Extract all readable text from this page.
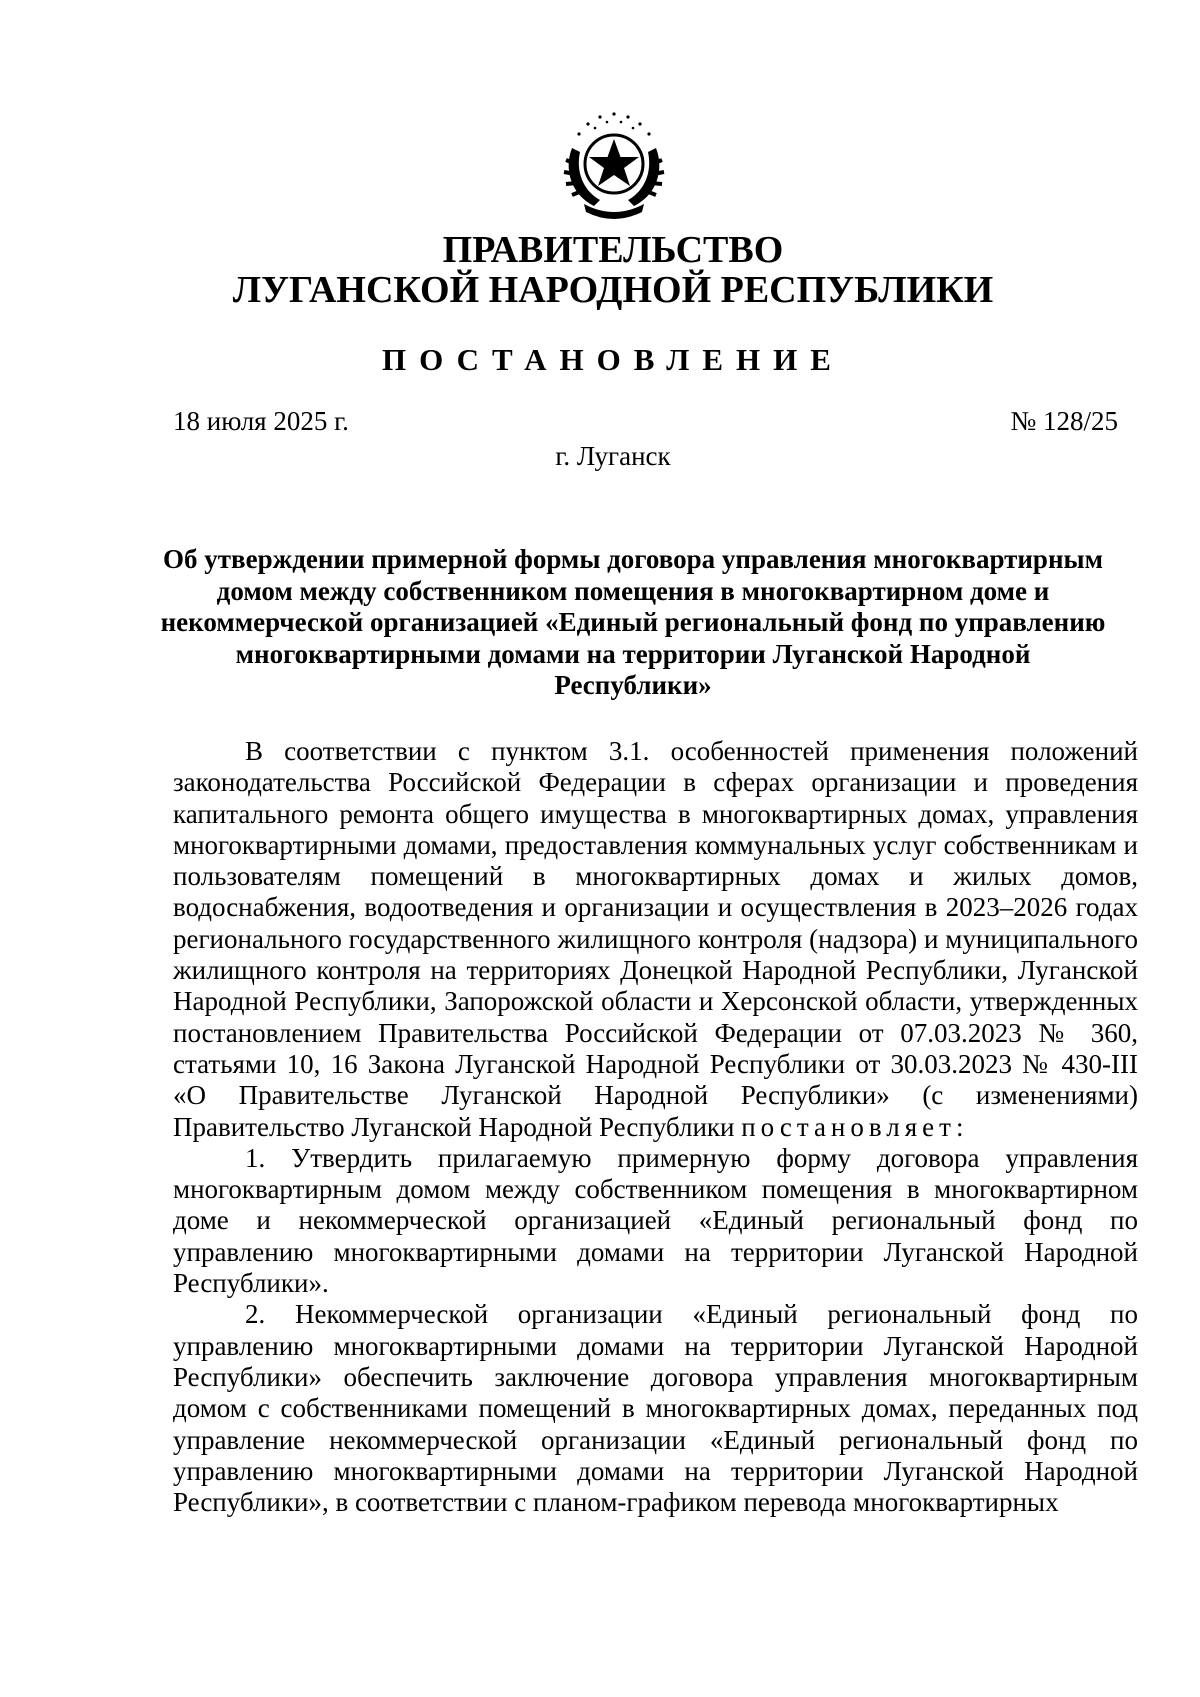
ПРАВИТЕЛЬСТВО
ЛУГАНСКОЙ НАРОДНОЙ РЕСПУБЛИКИ
ПОСТАНОВЛЕНИЕ
18 июля 2025 г.	№ 128/25
г. Луганск
Об утверждении примерной формы договора управления многоквартирным домом между собственником помещения в многоквартирном доме и некоммерческой организацией «Единый региональный фонд по управлению многоквартирными домами на территории Луганской Народной Республики»

В соответствии с пунктом 3.1. особенностей применения положений законодательства Российской Федерации в сферах организации и проведения капитального ремонта общего имущества в многоквартирных домах, управления многоквартирными домами, предоставления коммунальных услуг собственникам и пользователям помещений в многоквартирных домах и жилых домов, водоснабжения, водоотведения и организации и осуществления в 2023–2026 годах регионального государственного жилищного контроля (надзора) и муниципального жилищного контроля на территориях Донецкой Народной Республики, Луганской Народной Республики, Запорожской области и Херсонской области, утвержденных постановлением Правительства Российской Федерации от 07.03.2023 № 360, статьями 10, 16 Закона Луганской Народной Республики от 30.03.2023 № 430-III «О Правительстве Луганской Народной Республики» (с изменениями) Правительство Луганской Народной Республики постановляет:

1. Утвердить прилагаемую примерную форму договора управления многоквартирным домом между собственником помещения в многоквартирном доме и некоммерческой организацией «Единый региональный фонд по управлению многоквартирными домами на территории Луганской Народной Республики».

2. Некоммерческой организации «Единый региональный фонд по управлению многоквартирными домами на территории Луганской Народной Республики» обеспечить заключение договора управления многоквартирным домом с собственниками помещений в многоквартирных домах, переданных под управление некоммерческой организации «Единый региональный фонд по управлению многоквартирными домами на территории Луганской Народной Республики», в соответствии с планом-графиком перевода многоквартирных
